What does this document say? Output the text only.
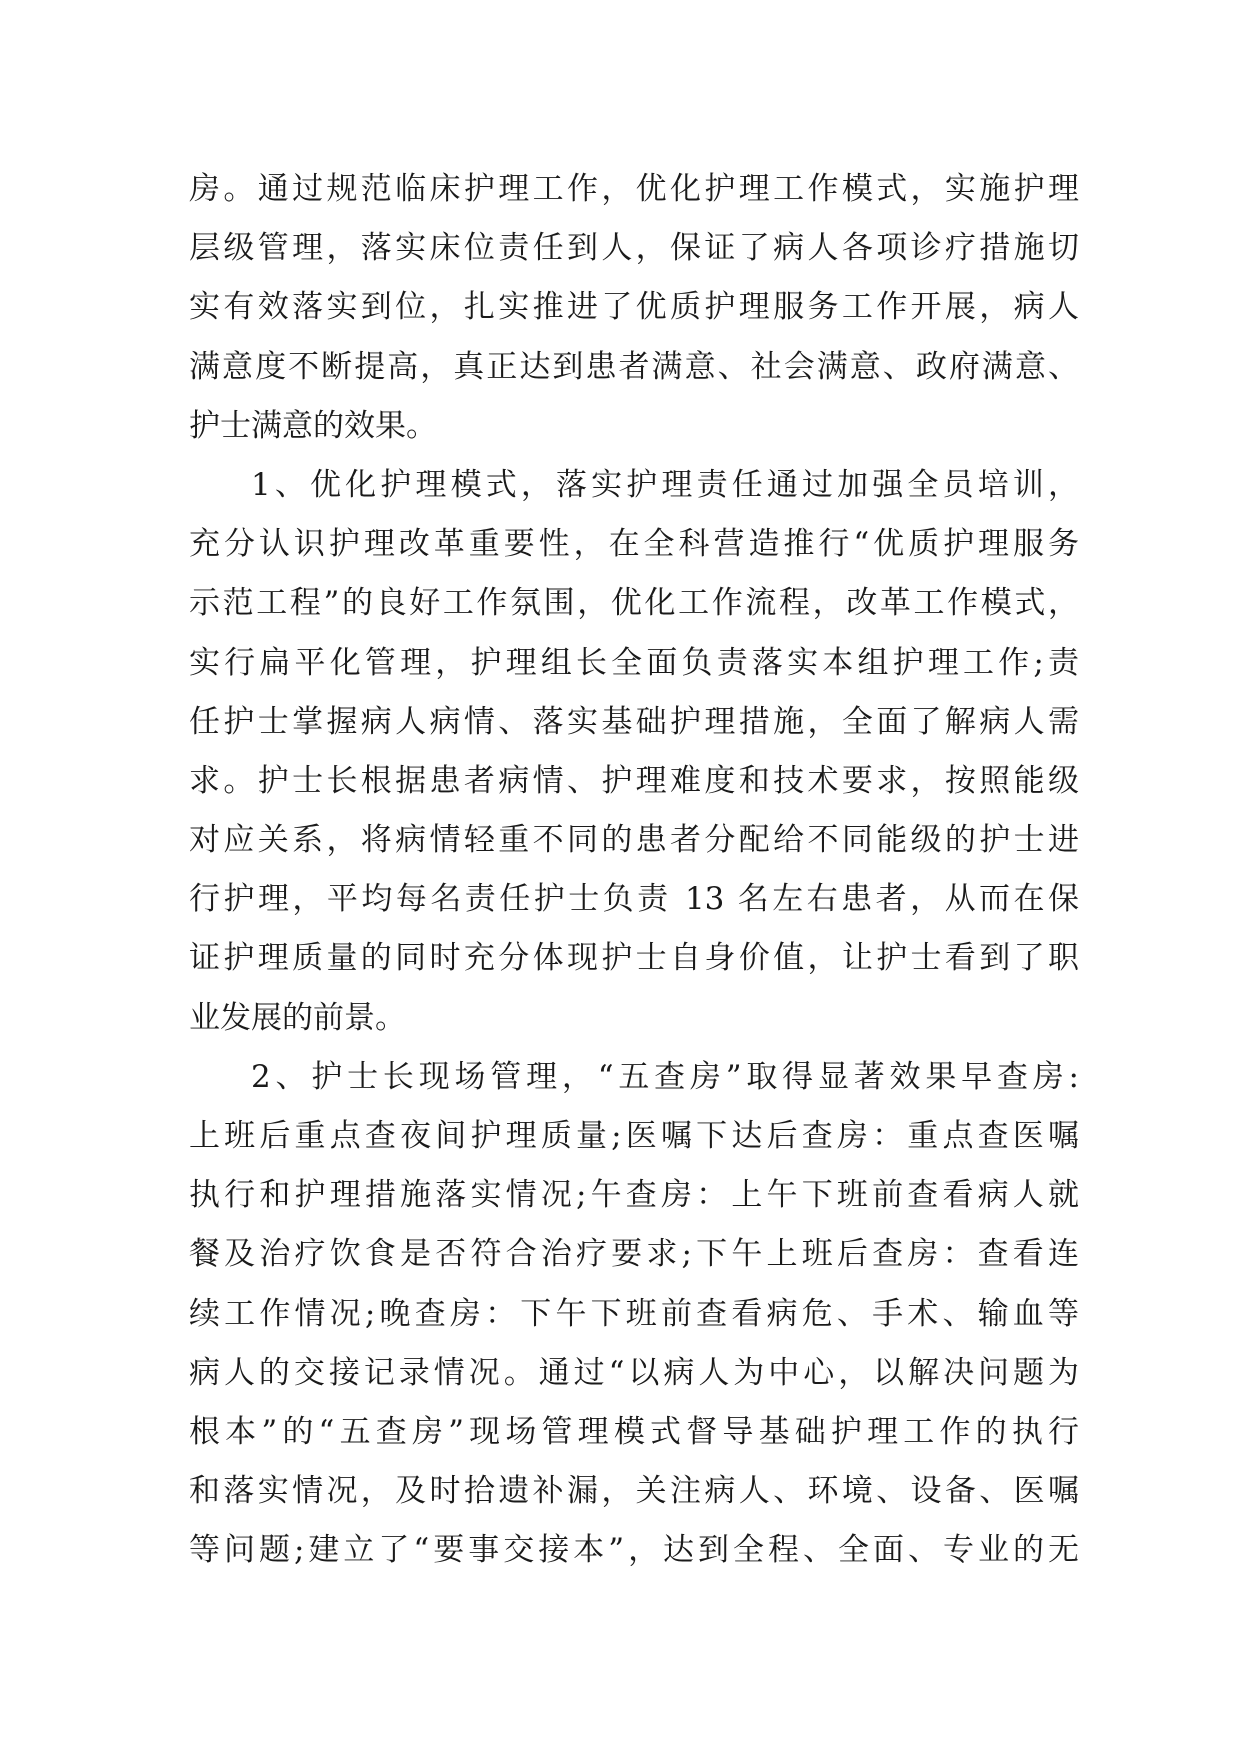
房。通过规范临床护理工作，优化护理工作模式，实施护理
层级管理，落实床位责任到人，保证了病人各项诊疗措施切
实有效落实到位，扎实推进了优质护理服务工作开展，病人
满意度不断提高，真正达到患者满意、社会满意、政府满意、
护士满意的效果。
1、优化护理模式，落实护理责任通过加强全员培训，
充分认识护理改革重要性，在全科营造推行“优质护理服务
示范工程”的良好工作氛围，优化工作流程，改革工作模式，
实行扁平化管理，护理组长全面负责落实本组护理工作;责
任护士掌握病人病情、落实基础护理措施，全面了解病人需
求。护士长根据患者病情、护理难度和技术要求，按照能级
对应关系，将病情轻重不同的患者分配给不同能级的护士进
行护理，平均每名责任护士负责 13 名左右患者，从而在保
证护理质量的同时充分体现护士自身价值，让护士看到了职
业发展的前景。
2、护士长现场管理，“五查房”取得显著效果早查房:
上班后重点查夜间护理质量;医嘱下达后查房：重点查医嘱
执行和护理措施落实情况;午查房：上午下班前查看病人就
餐及治疗饮食是否符合治疗要求;下午上班后查房：查看连
续工作情况;晚查房：下午下班前查看病危、手术、输血等
病人的交接记录情况。通过“以病人为中心，以解决问题为
根本”的“五查房”现场管理模式督导基础护理工作的执行
和落实情况，及时拾遗补漏，关注病人、环境、设备、医嘱
等问题;建立了“要事交接本”，达到全程、全面、专业的无
